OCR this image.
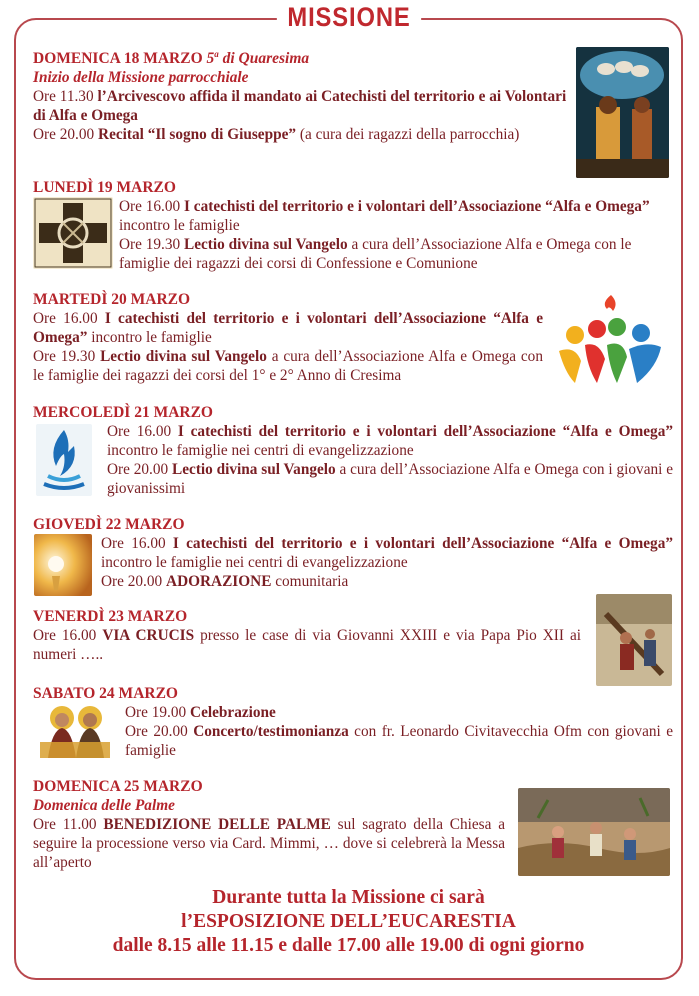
MISSIONE
DOMENICA 18 MARZO 5$^a$ di Quaresima
Inizio della Missione parrocchiale
Ore 11.30 l’Arcivescovo affida il mandato ai Catechisti del territorio e ai Volontari di Alfa e Omega
Ore 20.00 Recital “Il sogno di Giuseppe” (a cura dei ragazzi della parrocchia)
LUNEDÌ 19 MARZO
Ore 16.00 I catechisti del territorio e i volontari dell’Associazione “Alfa e Omega” incontro le famiglie
Ore 19.30 Lectio divina sul Vangelo a cura dell’Associazione Alfa e Omega con le famiglie dei ragazzi dei corsi di Confessione e Comunione
MARTEDÌ 20 MARZO
Ore 16.00 I catechisti del territorio e i volontari dell’Associazione “Alfa e Omega” incontro le famiglie
Ore 19.30 Lectio divina sul Vangelo a cura dell’Associazione Alfa e Omega con le famiglie dei ragazzi dei corsi del 1° e 2° Anno di Cresima
MERCOLEDÌ 21 MARZO
Ore 16.00 I catechisti del territorio e i volontari dell’Associazione “Alfa e Omega” incontro le famiglie nei centri di evangelizzazione
Ore 20.00 Lectio divina sul Vangelo a cura dell’Associazione Alfa e Omega con i giovani e giovanissimi
GIOVEDÌ 22 MARZO
Ore 16.00 I catechisti del territorio e i volontari dell’Associazione “Alfa e Omega” incontro le famiglie nei centri di evangelizzazione
Ore 20.00 ADORAZIONE comunitaria
VENERDÌ 23 MARZO
Ore 16.00 VIA CRUCIS presso le case di via Giovanni XXIII e via Papa Pio XII ai numeri …..
SABATO 24 MARZO
Ore 19.00 Celebrazione
Ore 20.00 Concerto/testimonianza con fr. Leonardo Civitavecchia Ofm con giovani e famiglie
DOMENICA 25 MARZO
Domenica delle Palme
Ore 11.00 BENEDIZIONE DELLE PALME sul sagrato della Chiesa a seguire la processione verso via Card. Mimmi, … dove si celebrerà la Messa all’aperto
Durante tutta la Missione ci sarà
l’ESPOSIZIONE DELL’EUCARESTIA
dalle 8.15 alle 11.15 e dalle 17.00 alle 19.00 di ogni giorno
